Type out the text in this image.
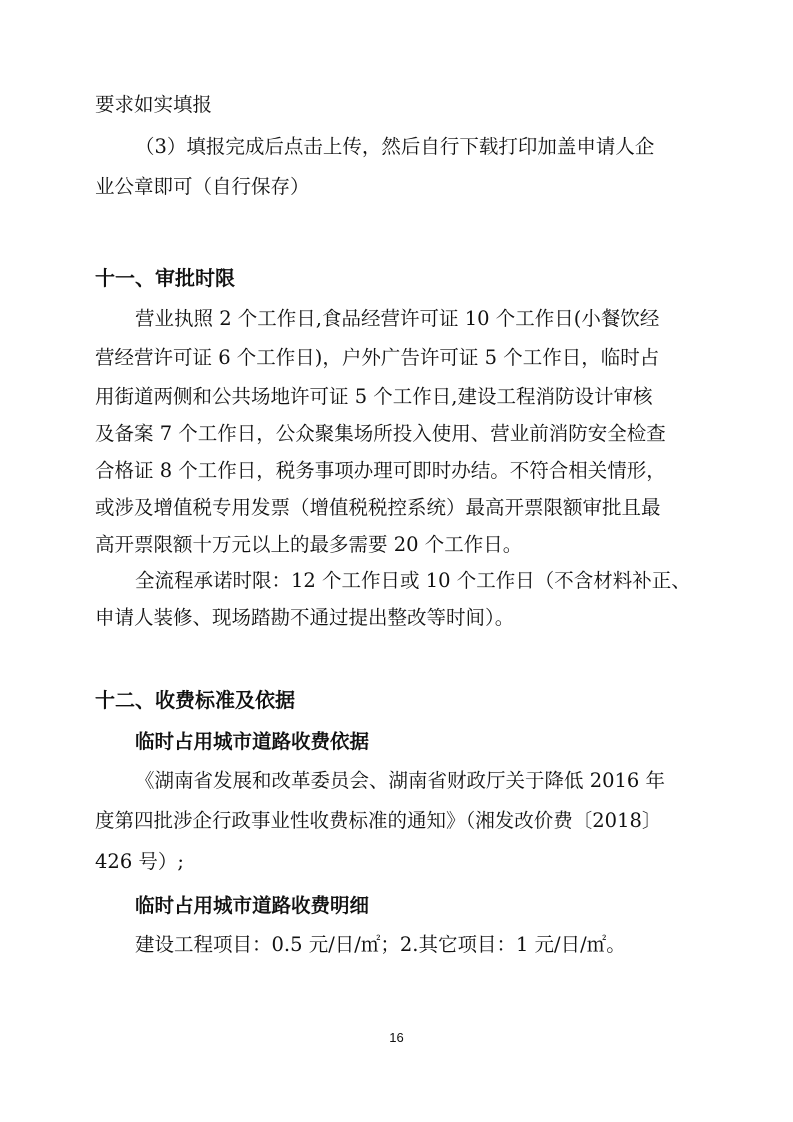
要求如实填报
（3）填报完成后点击上传，然后自行下载打印加盖申请人企
业公章即可（自行保存）
十一、审批时限
营业执照 2 个工作日,食品经营许可证 10 个工作日(小餐饮经
营经营许可证 6 个工作日)，户外广告许可证 5 个工作日，临时占
用街道两侧和公共场地许可证 5 个工作日,建设工程消防设计审核
及备案 7 个工作日，公众聚集场所投入使用、营业前消防安全检查
合格证 8 个工作日，税务事项办理可即时办结。不符合相关情形，
或涉及增值税专用发票（增值税税控系统）最高开票限额审批且最
高开票限额十万元以上的最多需要 20 个工作日。
全流程承诺时限：12 个工作日或 10 个工作日（不含材料补正、
申请人装修、现场踏勘不通过提出整改等时间）。
十二、收费标准及依据
临时占用城市道路收费依据
《湖南省发展和改革委员会、湖南省财政厅关于降低 2016 年
度第四批涉企行政事业性收费标准的通知》（湘发改价费〔2018〕
426 号）;
临时占用城市道路收费明细
建设工程项目：0.5 元/日/㎡；2.其它项目：1 元/日/㎡。
16
